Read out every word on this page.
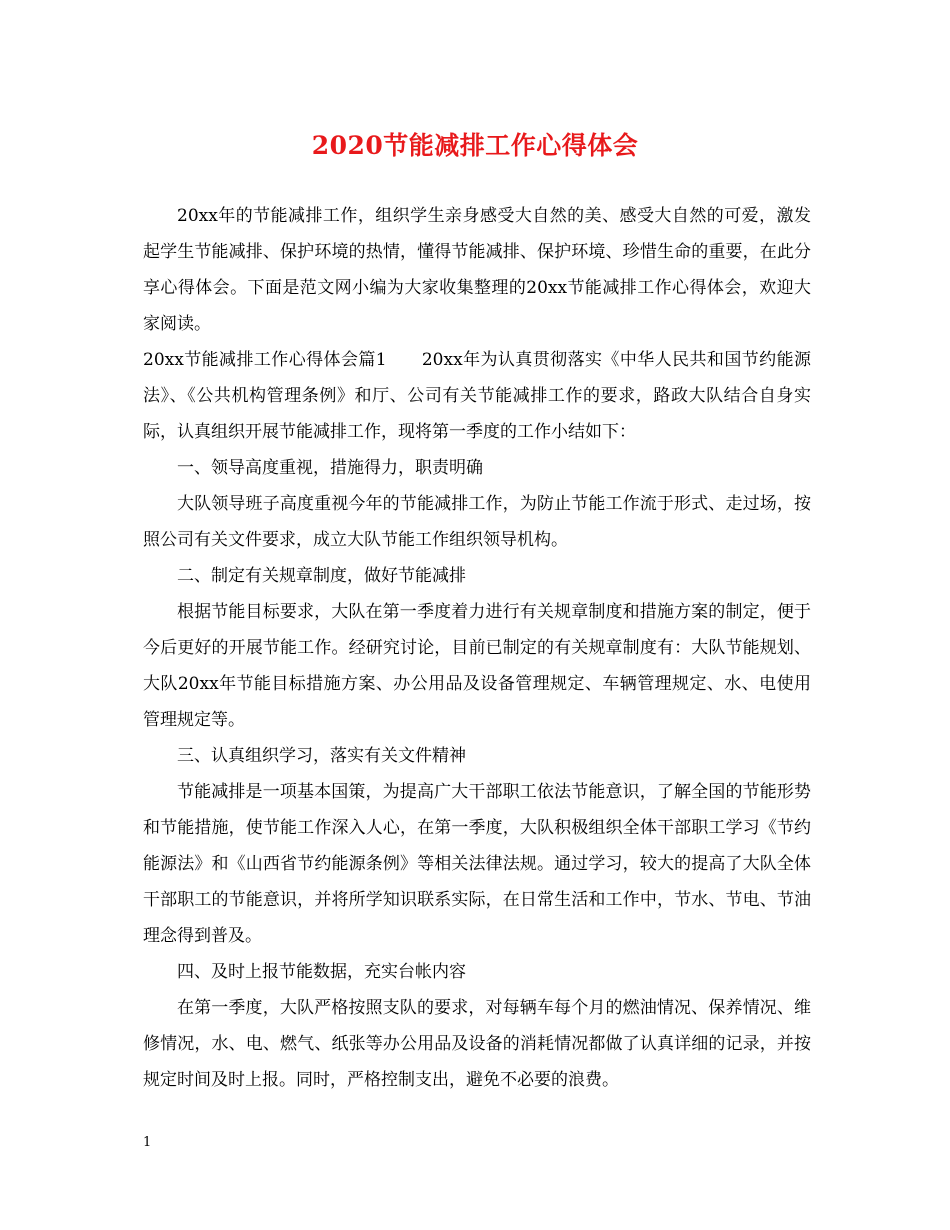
2020节能减排工作心得体会

20xx年的节能减排工作，组织学生亲身感受大自然的美、感受大自然的可爱，激发起学生节能减排、保护环境的热情，懂得节能减排、保护环境、珍惜生命的重要，在此分享心得体会。下面是范文网小编为大家收集整理的20xx节能减排工作心得体会，欢迎大家阅读。

20xx节能减排工作心得体会篇1　　20xx年为认真贯彻落实《中华人民共和国节约能源法》、《公共机构管理条例》和厅、公司有关节能减排工作的要求，路政大队结合自身实际，认真组织开展节能减排工作，现将第一季度的工作小结如下：

一、领导高度重视，措施得力，职责明确

大队领导班子高度重视今年的节能减排工作，为防止节能工作流于形式、走过场，按照公司有关文件要求，成立大队节能工作组织领导机构。

二、制定有关规章制度，做好节能减排

根据节能目标要求，大队在第一季度着力进行有关规章制度和措施方案的制定，便于今后更好的开展节能工作。经研究讨论，目前已制定的有关规章制度有：大队节能规划、大队20xx年节能目标措施方案、办公用品及设备管理规定、车辆管理规定、水、电使用管理规定等。

三、认真组织学习，落实有关文件精神

节能减排是一项基本国策，为提高广大干部职工依法节能意识，了解全国的节能形势和节能措施，使节能工作深入人心，在第一季度，大队积极组织全体干部职工学习《节约能源法》和《山西省节约能源条例》等相关法律法规。通过学习，较大的提高了大队全体干部职工的节能意识，并将所学知识联系实际，在日常生活和工作中，节水、节电、节油理念得到普及。

四、及时上报节能数据，充实台帐内容

在第一季度，大队严格按照支队的要求，对每辆车每个月的燃油情况、保养情况、维修情况，水、电、燃气、纸张等办公用品及设备的消耗情况都做了认真详细的记录，并按规定时间及时上报。同时，严格控制支出，避免不必要的浪费。

1
